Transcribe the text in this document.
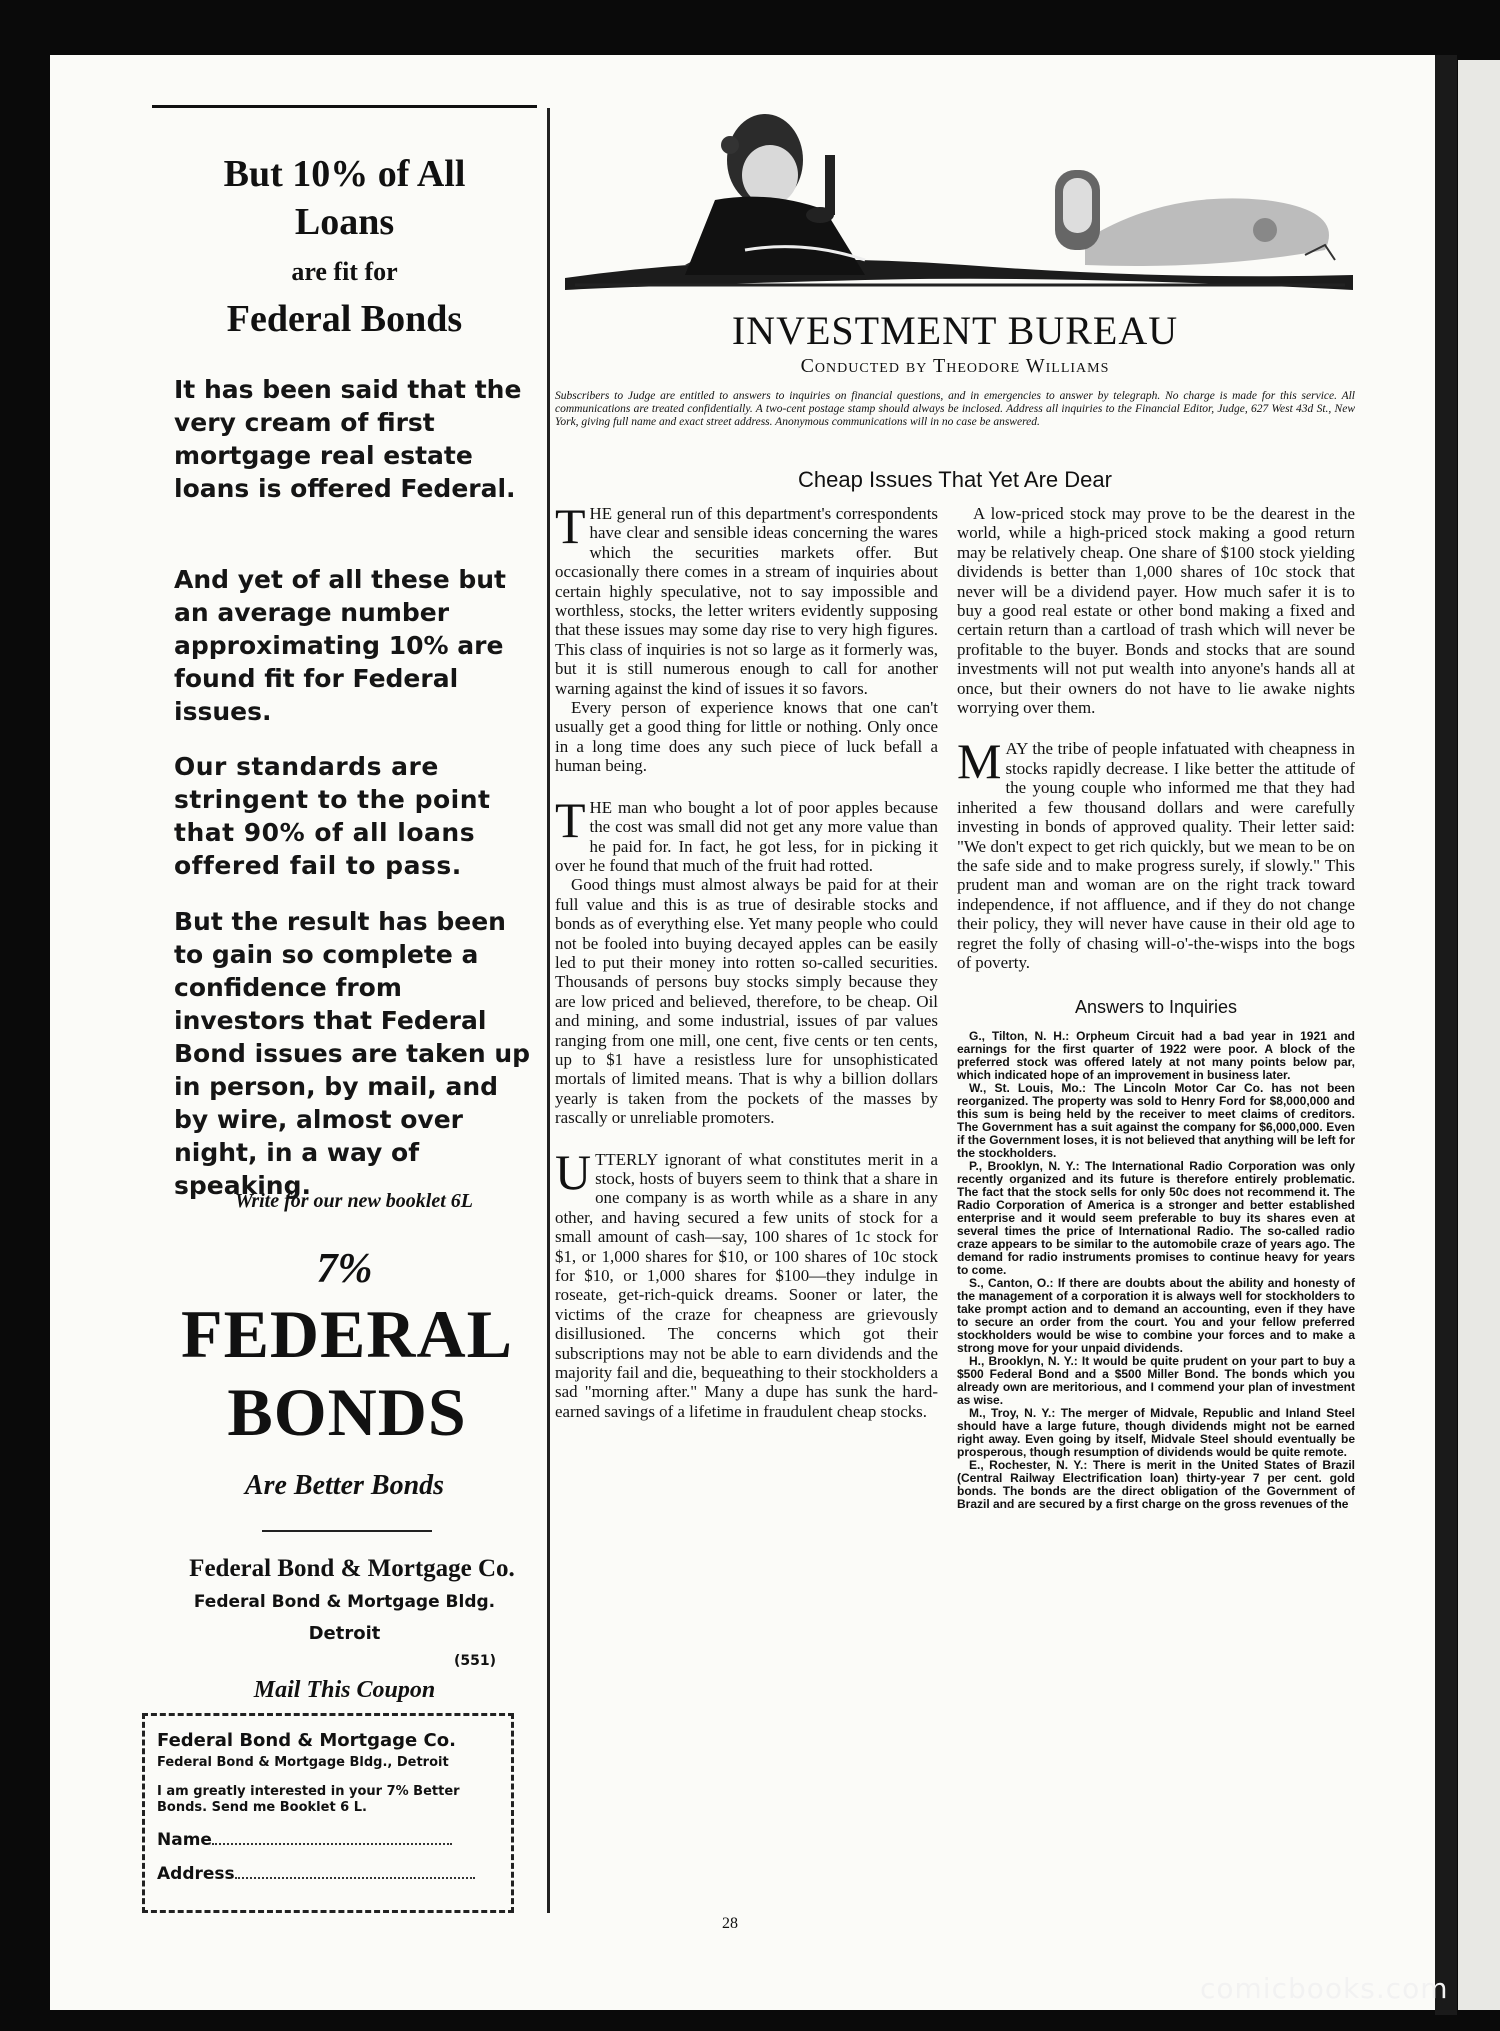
But 10% of All
Loans
are fit for
Federal Bonds
It has been said that the very cream of first mortgage real estate loans is offered Federal.
And yet of all these but an average number approximating 10% are found fit for Federal issues.
Our standards are stringent to the point that 90% of all loans offered fail to pass.
But the result has been to gain so complete a confidence from investors that Federal Bond issues are taken up in person, by mail, and by wire, almost over night, in a way of speaking.
Write for our new booklet 6L
7%
FEDERAL
BONDS
Are Better Bonds
Federal Bond & Mortgage Co.
Federal Bond & Mortgage Bldg.
Detroit
(551)
Mail This Coupon
Federal Bond & Mortgage Co.
Federal Bond & Mortgage Bldg., Detroit
I am greatly interested in your 7% Better Bonds. Send me Booklet 6 L.
Name
Address
INVESTMENT BUREAU
Conducted by Theodore Williams
Subscribers to Judge are entitled to answers to inquiries on financial questions, and in emergencies to answer by telegraph. No charge is made for this service. All communications are treated confidentially. A two-cent postage stamp should always be inclosed. Address all inquiries to the Financial Editor, Judge, 627 West 43d St., New York, giving full name and exact street address. Anonymous communications will in no case be answered.
Cheap Issues That Yet Are Dear

THE general run of this department's correspondents have clear and sensible ideas concerning the wares which the securities markets offer. But occasionally there comes in a stream of inquiries about certain highly speculative, not to say impossible and worthless, stocks, the letter writers evidently supposing that these issues may some day rise to very high figures. This class of inquiries is not so large as it formerly was, but it is still numerous enough to call for another warning against the kind of issues it so favors.

Every person of experience knows that one can't usually get a good thing for little or nothing. Only once in a long time does any such piece of luck befall a human being.

THE man who bought a lot of poor apples because the cost was small did not get any more value than he paid for. In fact, he got less, for in picking it over he found that much of the fruit had rotted.

Good things must almost always be paid for at their full value and this is as true of desirable stocks and bonds as of everything else. Yet many people who could not be fooled into buying decayed apples can be easily led to put their money into rotten so-called securities. Thousands of persons buy stocks simply because they are low priced and believed, therefore, to be cheap. Oil and mining, and some industrial, issues of par values ranging from one mill, one cent, five cents or ten cents, up to $1 have a resistless lure for unsophisticated mortals of limited means. That is why a billion dollars yearly is taken from the pockets of the masses by rascally or unreliable promoters.

UTTERLY ignorant of what constitutes merit in a stock, hosts of buyers seem to think that a share in one company is as worth while as a share in any other, and having secured a few units of stock for a small amount of cash—say, 100 shares of 1c stock for $1, or 1,000 shares for $10, or 100 shares of 10c stock for $10, or 1,000 shares for $100—they indulge in roseate, get-rich-quick dreams. Sooner or later, the victims of the craze for cheapness are grievously disillusioned. The concerns which got their subscriptions may not be able to earn dividends and the majority fail and die, bequeathing to their stockholders a sad "morning after." Many a dupe has sunk the hard-earned savings of a lifetime in fraudulent cheap stocks.

A low-priced stock may prove to be the dearest in the world, while a high-priced stock making a good return may be relatively cheap. One share of $100 stock yielding dividends is better than 1,000 shares of 10c stock that never will be a dividend payer. How much safer it is to buy a good real estate or other bond making a fixed and certain return than a cartload of trash which will never be profitable to the buyer. Bonds and stocks that are sound investments will not put wealth into anyone's hands all at once, but their owners do not have to lie awake nights worrying over them.

MAY the tribe of people infatuated with cheapness in stocks rapidly decrease. I like better the attitude of the young couple who informed me that they had inherited a few thousand dollars and were carefully investing in bonds of approved quality. Their letter said: "We don't expect to get rich quickly, but we mean to be on the safe side and to make progress surely, if slowly." This prudent man and woman are on the right track toward independence, if not affluence, and if they do not change their policy, they will never have cause in their old age to regret the folly of chasing will-o'-the-wisps into the bogs of poverty.

Answers to Inquiries

G., Tilton, N. H.: Orpheum Circuit had a bad year in 1921 and earnings for the first quarter of 1922 were poor. A block of the preferred stock was offered lately at not many points below par, which indicated hope of an improvement in business later.

W., St. Louis, Mo.: The Lincoln Motor Car Co. has not been reorganized. The property was sold to Henry Ford for $8,000,000 and this sum is being held by the receiver to meet claims of creditors. The Government has a suit against the company for $6,000,000. Even if the Government loses, it is not believed that anything will be left for the stockholders.

P., Brooklyn, N. Y.: The International Radio Corporation was only recently organized and its future is therefore entirely problematic. The fact that the stock sells for only 50c does not recommend it. The Radio Corporation of America is a stronger and better established enterprise and it would seem preferable to buy its shares even at several times the price of International Radio. The so-called radio craze appears to be similar to the automobile craze of years ago. The demand for radio instruments promises to continue heavy for years to come.

S., Canton, O.: If there are doubts about the ability and honesty of the management of a corporation it is always well for stockholders to take prompt action and to demand an accounting, even if they have to secure an order from the court. You and your fellow preferred stockholders would be wise to combine your forces and to make a strong move for your unpaid dividends.

H., Brooklyn, N. Y.: It would be quite prudent on your part to buy a $500 Federal Bond and a $500 Miller Bond. The bonds which you already own are meritorious, and I commend your plan of investment as wise.

M., Troy, N. Y.: The merger of Midvale, Republic and Inland Steel should have a large future, though dividends might not be earned right away. Even going by itself, Midvale Steel should eventually be prosperous, though resumption of dividends would be quite remote.

E., Rochester, N. Y.: There is merit in the United States of Brazil (Central Railway Electrification loan) thirty-year 7 per cent. gold bonds. The bonds are the direct obligation of the Government of Brazil and are secured by a first charge on the gross revenues of the

28
comicbooks.com
